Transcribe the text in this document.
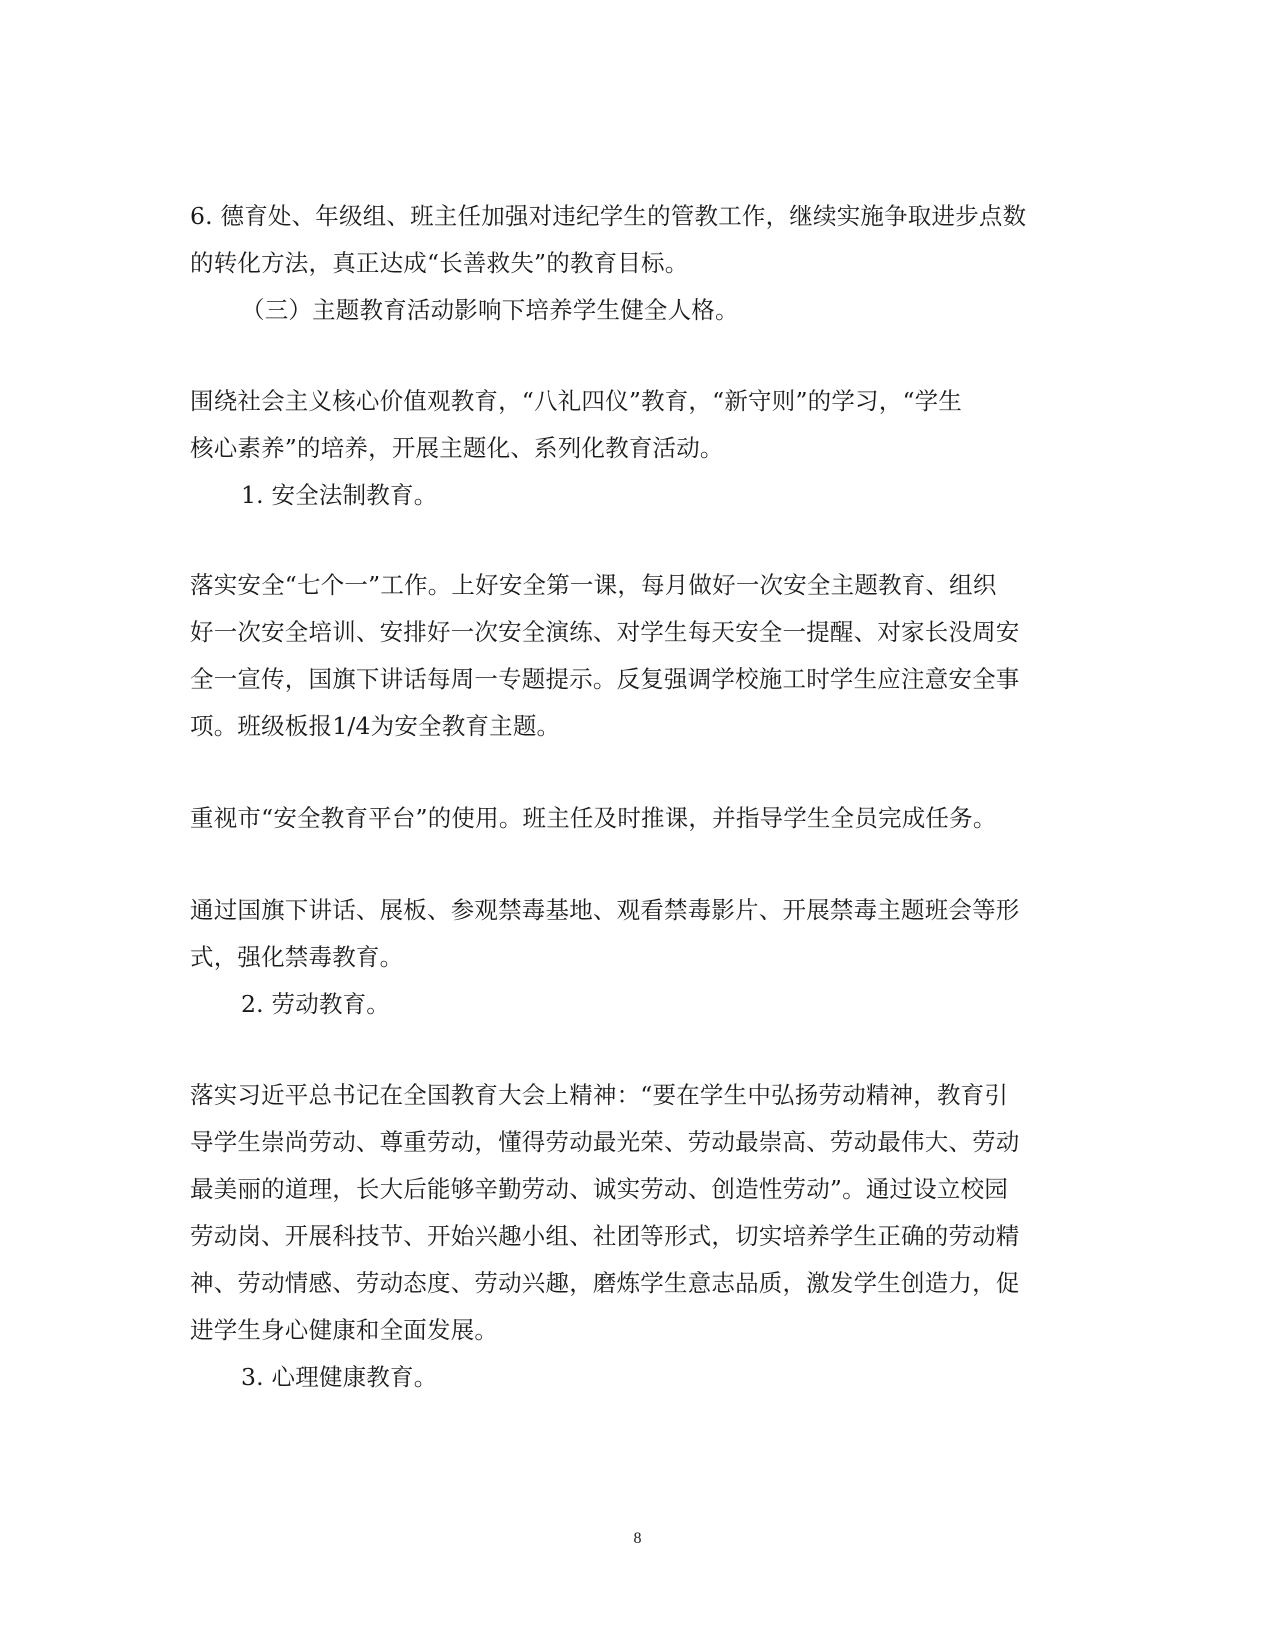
6. 德育处、年级组、班主任加强对违纪学生的管教工作，继续实施争取进步点数
的转化方法，真正达成“长善救失”的教育目标。
（三）主题教育活动影响下培养学生健全人格。
围绕社会主义核心价值观教育，“八礼四仪”教育，“新守则”的学习，“学生
核心素养”的培养，开展主题化、系列化教育活动。
1. 安全法制教育。
落实安全“七个一”工作。上好安全第一课，每月做好一次安全主题教育、组织
好一次安全培训、安排好一次安全演练、对学生每天安全一提醒、对家长没周安
全一宣传，国旗下讲话每周一专题提示。反复强调学校施工时学生应注意安全事
项。班级板报1/4为安全教育主题。
重视市“安全教育平台”的使用。班主任及时推课，并指导学生全员完成任务。
通过国旗下讲话、展板、参观禁毒基地、观看禁毒影片、开展禁毒主题班会等形
式，强化禁毒教育。
2. 劳动教育。
落实习近平总书记在全国教育大会上精神：“要在学生中弘扬劳动精神，教育引
导学生崇尚劳动、尊重劳动，懂得劳动最光荣、劳动最崇高、劳动最伟大、劳动
最美丽的道理，长大后能够辛勤劳动、诚实劳动、创造性劳动”。通过设立校园
劳动岗、开展科技节、开始兴趣小组、社团等形式，切实培养学生正确的劳动精
神、劳动情感、劳动态度、劳动兴趣，磨炼学生意志品质，激发学生创造力，促
进学生身心健康和全面发展。
3. 心理健康教育。
8
